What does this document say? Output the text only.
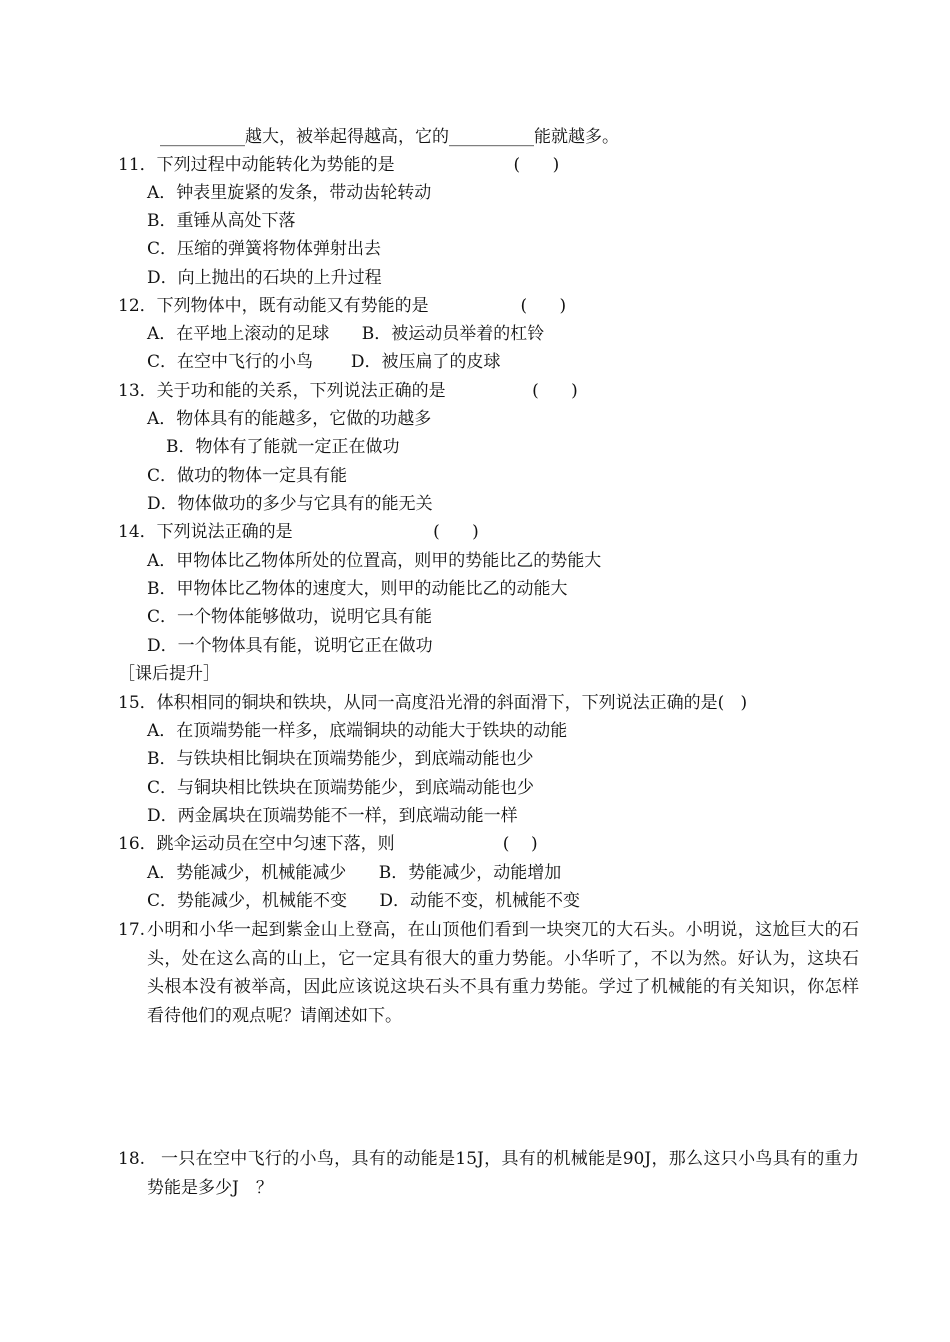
__________越大，被举起得越高，它的__________能就越多。
11．下列过程中动能转化为势能的是                      (      )
A．钟表里旋紧的发条，带动齿轮转动
B．重锤从高处下落
C．压缩的弹簧将物体弹射出去
D．向上抛出的石块的上升过程
12．下列物体中，既有动能又有势能的是                 (      )
A．在平地上滚动的足球      B．被运动员举着的杠铃
C．在空中飞行的小鸟       D．被压扁了的皮球
13．关于功和能的关系，下列说法正确的是                (      )
A．物体具有的能越多，它做的功越多
B．物体有了能就一定正在做功
C．做功的物体一定具有能
D．物体做功的多少与它具有的能无关
14．下列说法正确的是                          (      )
A．甲物体比乙物体所处的位置高，则甲的势能比乙的势能大
B．甲物体比乙物体的速度大，则甲的动能比乙的动能大
C．一个物体能够做功，说明它具有能
D．一个物体具有能，说明它正在做功
［课后提升］
15．体积相同的铜块和铁块，从同一高度沿光滑的斜面滑下，下列说法正确的是(   )
A．在顶端势能一样多，底端铜块的动能大于铁块的动能
B．与铁块相比铜块在顶端势能少，到底端动能也少
C．与铜块相比铁块在顶端势能少，到底端动能也少
D．两金属块在顶端势能不一样，到底端动能一样
16．跳伞运动员在空中匀速下落，则                    (    )
A．势能减少，机械能减少      B．势能减少，动能增加
C．势能减少，机械能不变      D．动能不变，机械能不变
17. 小明和小华一起到紫金山上登高，在山顶他们看到一块突兀的大石头。小明说，这尬巨大的石头，处在这么高的山上，它一定具有很大的重力势能。小华听了，不以为然。好认为，这块石头根本没有被举高，因此应该说这块石头不具有重力势能。学过了机械能的有关知识，你怎样看待他们的观点呢？请阐述如下。
18. 一只在空中飞行的小鸟，具有的动能是15J，具有的机械能是90J，那么这只小鸟具有的重力势能是多少J　？
